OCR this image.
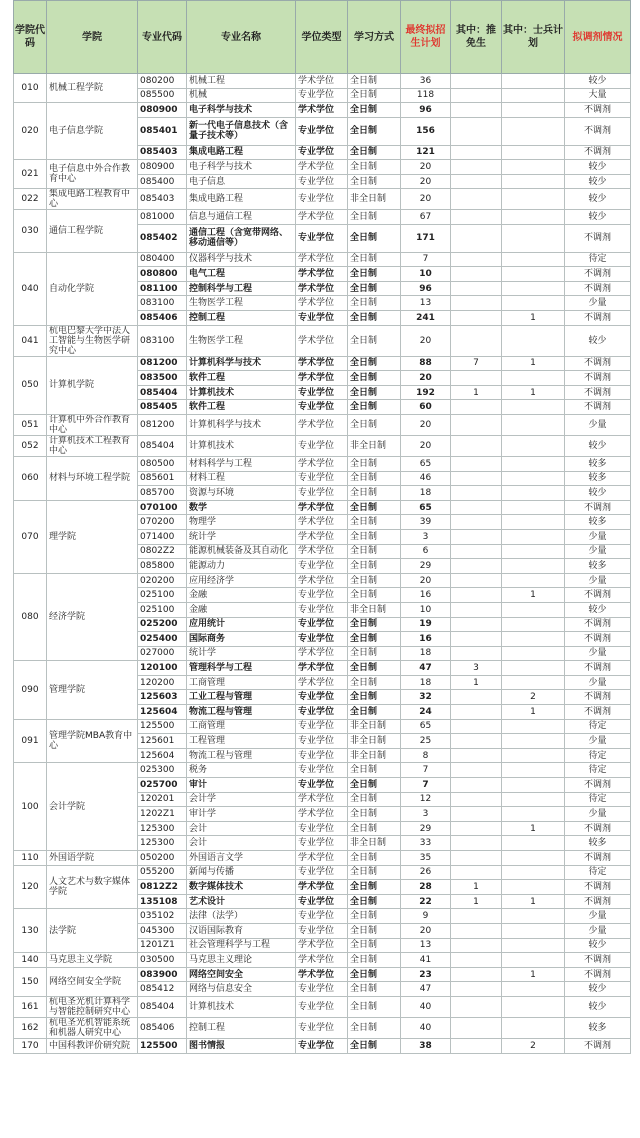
学院代码	学院	专业代码	专业名称	学位类型	学习方式	最终拟招生计划	其中：推免生	其中：士兵计划	拟调剂情况
010	机械工程学院	080200	机械工程	学术学位	全日制	36			较少
		085500	机械	专业学位	全日制	118			大量
020	电子信息学院	080900	电子科学与技术	学术学位	全日制	96			不调剂
		085401	新一代电子信息技术（含量子技术等）	专业学位	全日制	156			不调剂
		085403	集成电路工程	专业学位	全日制	121			不调剂
021	电子信息中外合作教育中心	080900	电子科学与技术	学术学位	全日制	20			较少
		085400	电子信息	专业学位	全日制	20			较少
022	集成电路工程教育中心	085403	集成电路工程	专业学位	非全日制	20			较少
030	通信工程学院	081000	信息与通信工程	学术学位	全日制	67			较少
		085402	通信工程（含宽带网络、移动通信等）	专业学位	全日制	171			不调剂
040	自动化学院	080400	仪器科学与技术	学术学位	全日制	7			待定
		080800	电气工程	学术学位	全日制	10			不调剂
		081100	控制科学与工程	学术学位	全日制	96			不调剂
		083100	生物医学工程	学术学位	全日制	13			少量
		085406	控制工程	专业学位	全日制	241		1	不调剂
041	杭电巴黎大学中法人工智能与生物医学研究中心	083100	生物医学工程	学术学位	全日制	20			较少
050	计算机学院	081200	计算机科学与技术	学术学位	全日制	88	7	1	不调剂
		083500	软件工程	学术学位	全日制	20			不调剂
		085404	计算机技术	专业学位	全日制	192	1	1	不调剂
		085405	软件工程	专业学位	全日制	60			不调剂
051	计算机中外合作教育中心	081200	计算机科学与技术	学术学位	全日制	20			少量
052	计算机技术工程教育中心	085404	计算机技术	专业学位	非全日制	20			较少
060	材料与环境工程学院	080500	材料科学与工程	学术学位	全日制	65			较多
		085601	材料工程	专业学位	全日制	46			较多
		085700	资源与环境	专业学位	全日制	18			较少
070	理学院	070100	数学	学术学位	全日制	65			不调剂
		070200	物理学	学术学位	全日制	39			较多
		071400	统计学	学术学位	全日制	3			少量
		0802Z2	能源机械装备及其自动化	学术学位	全日制	6			少量
		085800	能源动力	专业学位	全日制	29			较多
080	经济学院	020200	应用经济学	学术学位	全日制	20			少量
		025100	金融	专业学位	全日制	16		1	不调剂
		025100	金融	专业学位	非全日制	10			较少
		025200	应用统计	专业学位	全日制	19			不调剂
		025400	国际商务	专业学位	全日制	16			不调剂
		027000	统计学	学术学位	全日制	18			少量
090	管理学院	120100	管理科学与工程	学术学位	全日制	47	3		不调剂
		120200	工商管理	学术学位	全日制	18	1		少量
		125603	工业工程与管理	专业学位	全日制	32		2	不调剂
		125604	物流工程与管理	专业学位	全日制	24		1	不调剂
091	管理学院MBA教育中心	125500	工商管理	专业学位	非全日制	65			待定
		125601	工程管理	专业学位	非全日制	25			少量
		125604	物流工程与管理	专业学位	非全日制	8			待定
100	会计学院	025300	税务	专业学位	全日制	7			待定
		025700	审计	专业学位	全日制	7			不调剂
		120201	会计学	学术学位	全日制	12			待定
		1202Z1	审计学	学术学位	全日制	3			少量
		125300	会计	专业学位	全日制	29		1	不调剂
		125300	会计	专业学位	非全日制	33			较多
110	外国语学院	050200	外国语言文学	学术学位	全日制	35			不调剂
120	人文艺术与数字媒体学院	055200	新闻与传播	专业学位	全日制	26			待定
		0812Z2	数字媒体技术	学术学位	全日制	28	1		不调剂
		135108	艺术设计	专业学位	全日制	22	1	1	不调剂
130	法学院	035102	法律（法学）	专业学位	全日制	9			少量
		045300	汉语国际教育	专业学位	全日制	20			少量
		1201Z1	社会管理科学与工程	学术学位	全日制	13			较少
140	马克思主义学院	030500	马克思主义理论	学术学位	全日制	41			不调剂
150	网络空间安全学院	083900	网络空间安全	学术学位	全日制	23		1	不调剂
		085412	网络与信息安全	专业学位	全日制	47			较少
161	杭电圣光机计算科学与智能控制研究中心	085404	计算机技术	专业学位	全日制	40			较少
162	杭电圣光机智能系统和机器人研究中心	085406	控制工程	专业学位	全日制	40			较多
170	中国科教评价研究院	125500	图书情报	专业学位	全日制	38		2	不调剂
